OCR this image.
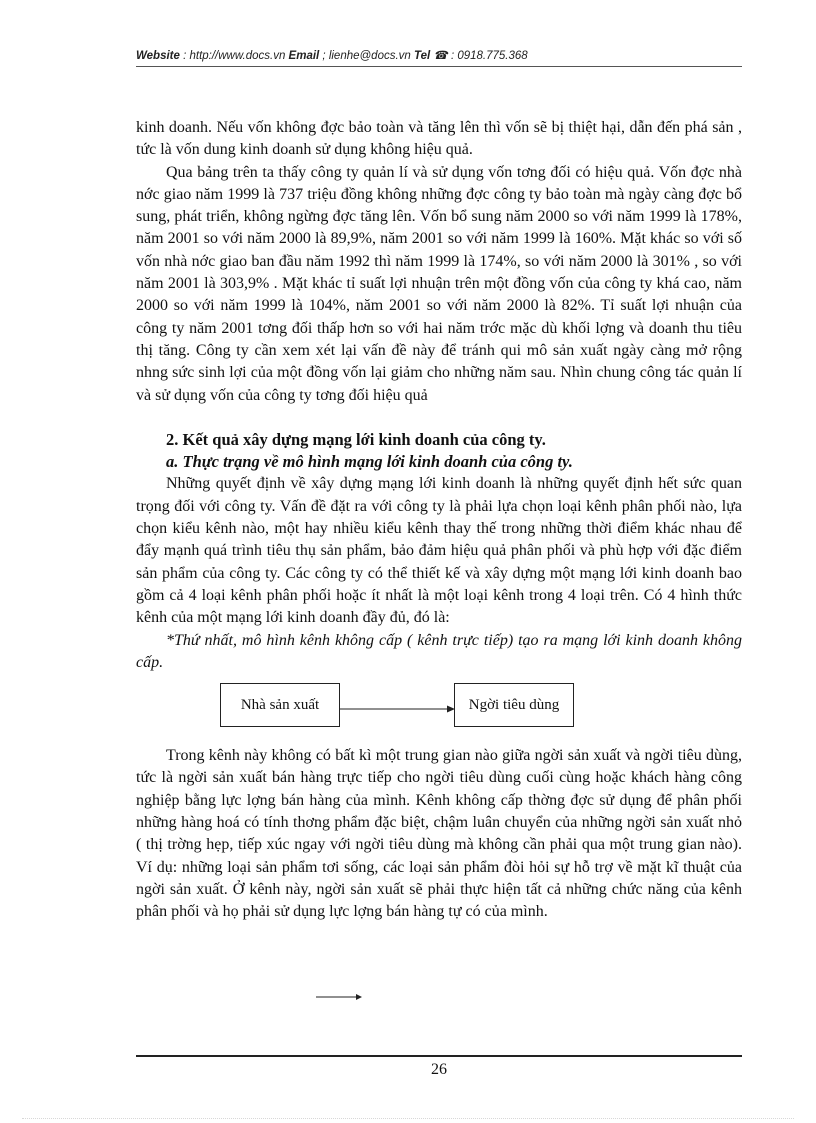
Website : http://www.docs.vn Email ; lienhe@docs.vn Tel ☎ : 0918.775.368

kinh doanh. Nếu vốn không đợc bảo toàn và tăng lên thì vốn sẽ bị thiệt hại, dẫn đến phá sản , tức là vốn dung kinh doanh sử dụng không hiệu quả.

Qua bảng trên ta thấy công ty quản lí và sử dụng vốn tơng đối có hiệu quả. Vốn đợc nhà nớc giao năm 1999 là 737 triệu đồng không những đợc công ty bảo toàn mà ngày càng đợc bổ sung, phát triển, không ngừng đợc tăng lên. Vốn bổ sung năm 2000 so với năm 1999 là 178%, năm 2001 so với năm 2000 là 89,9%, năm 2001 so với năm 1999 là 160%. Mặt khác so với số vốn nhà nớc giao ban đầu năm 1992 thì năm 1999 là 174%, so với năm 2000 là 301% , so với năm 2001 là 303,9% . Mặt khác tỉ suất lợi nhuận trên một đồng vốn của công ty khá cao, năm 2000 so với năm 1999 là 104%, năm 2001 so với năm 2000 là 82%. Tỉ suất lợi nhuận của công ty năm 2001 tơng đối thấp hơn so với hai năm trớc mặc dù khối lợng và doanh thu tiêu thị tăng. Công ty cần xem xét lại vấn đề này để tránh qui mô sản xuất ngày càng mở rộng nhng sức sinh lợi của một đồng vốn lại giảm cho những năm sau. Nhìn chung công tác quản lí và sử dụng vốn của công ty tơng đối hiệu quả

2. Kết quả xây dựng mạng lới kinh doanh của công ty.

a. Thực trạng về mô hình mạng lới kinh doanh của công ty.

Những quyết định về xây dựng mạng lới kinh doanh là những quyết định hết sức quan trọng đối với công ty. Vấn đề đặt ra với công ty là phải lựa chọn loại kênh phân phối nào, lựa chọn kiểu kênh nào, một hay nhiều kiểu kênh thay thế trong những thời điểm khác nhau để đẩy mạnh quá trình tiêu thụ sản phẩm, bảo đảm hiệu quả phân phối và phù hợp với đặc điểm sản phẩm của công ty. Các công ty có thể thiết kế và xây dựng một mạng lới kinh doanh bao gồm cả 4 loại kênh phân phối hoặc ít nhất là một loại kênh trong 4 loại trên. Có 4 hình thức kênh của một mạng lới kinh doanh đầy đủ, đó là:

*Thứ nhất, mô hình kênh không cấp ( kênh trực tiếp) tạo ra mạng lới kinh doanh không cấp.

Nhà sản xuất	Ngời tiêu dùng

Trong kênh này không có bất kì một trung gian nào giữa ngời sản xuất và ngời tiêu dùng, tức là ngời sản xuất bán hàng trực tiếp cho ngời tiêu dùng cuối cùng hoặc khách hàng công nghiệp bằng lực lợng bán hàng của mình. Kênh không cấp thờng đợc sử dụng để phân phối những hàng hoá có tính thơng phẩm đặc biệt, chậm luân chuyển của những ngời sản xuất nhỏ ( thị trờng hẹp, tiếp xúc ngay với ngời tiêu dùng mà không cần phải qua một trung gian nào). Ví dụ: những loại sản phẩm tơi sống, các loại sản phẩm đòi hỏi sự hỗ trợ về mặt kĩ thuật của ngời sản xuất. Ở kênh này, ngời sản xuất sẽ phải thực hiện tất cả những chức năng của kênh phân phối và họ phải sử dụng lực lợng bán hàng tự có của mình.

26
